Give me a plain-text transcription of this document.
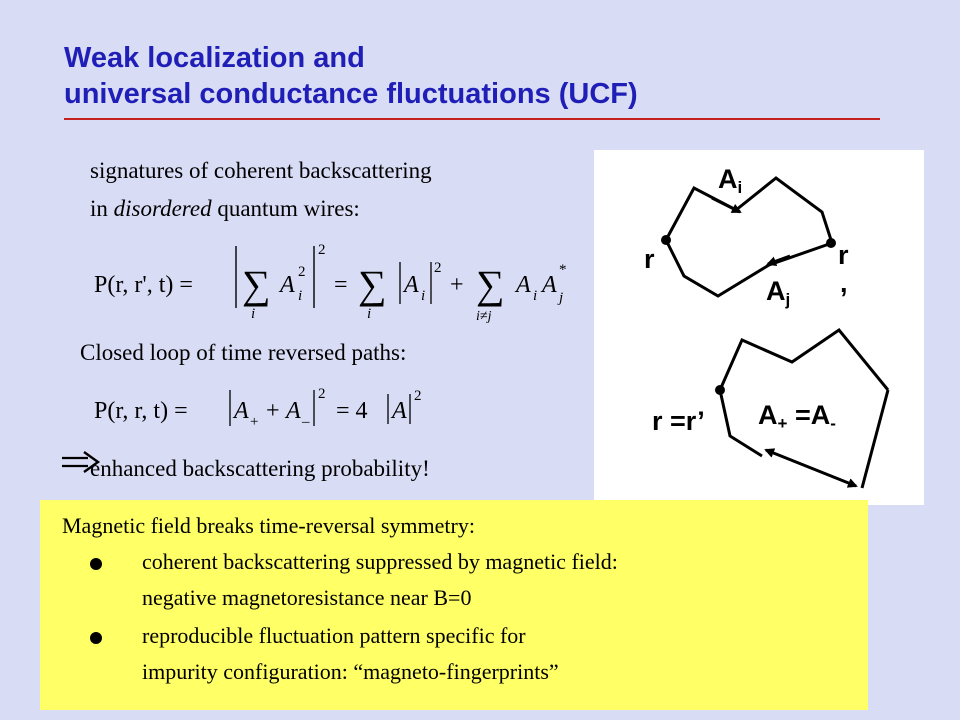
Weak localization and
universal conductance fluctuations (UCF)
signatures of coherent backscattering
in disordered quantum wires:
P(r, r', t) = ∑
i
A i
2
2
= ∑
i
A i
2
+ ∑
i≠j
A i A j
*
Closed loop of time reversed paths:
P(r, r, t) = A + + A –
2
= 4 A
2
enhanced backscattering probability!
$A_i$
$A_j$
r	r
,
r =r’ $A_+ =A_-$
Magnetic field breaks time-reversal symmetry:
coherent backscattering suppressed by magnetic field:
negative magnetoresistance near B=0
reproducible fluctuation pattern specific for
impurity configuration: “magneto-fingerprints”
